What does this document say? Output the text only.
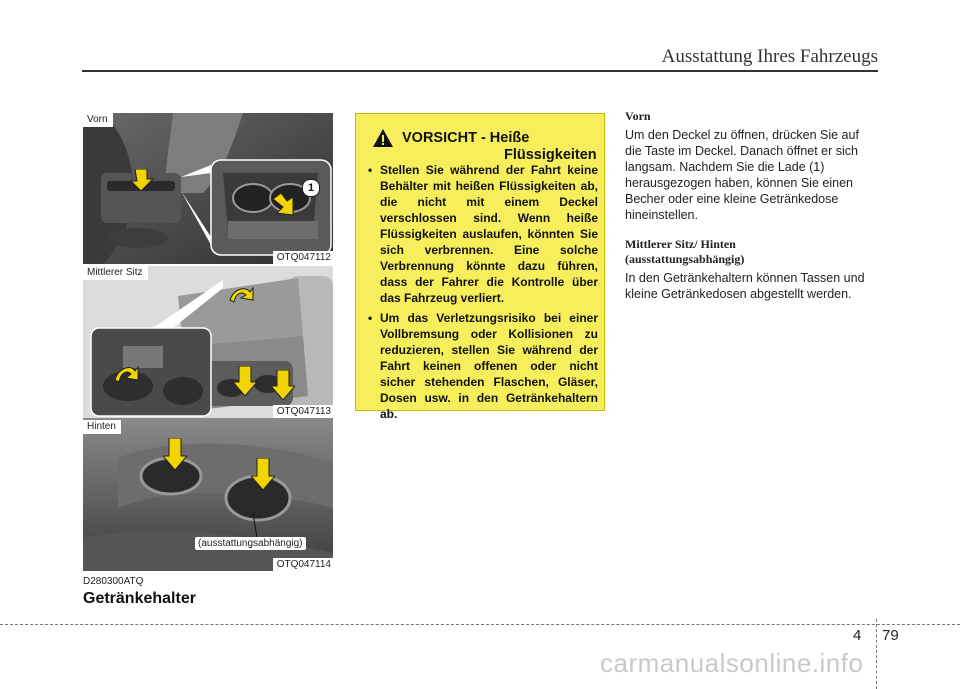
Ausstattung Ihres Fahrzeugs
1
Vorn
OTQ047112
Mittlerer Sitz
OTQ047113
Hinten
(ausstattungsabhängig)
OTQ047114
D280300ATQ
Getränkehalter
VORSICHT - Heiße
Flüssigkeiten
• Stellen Sie während der Fahrt keine Behälter mit heißen Flüssigkeiten ab, die nicht mit einem Deckel verschlossen sind. Wenn heiße Flüssigkeiten auslaufen, könnten Sie sich verbrennen. Eine solche Verbrennung könnte dazu führen, dass der Fahrer die Kontrolle über das Fahrzeug verliert.
• Um das Verletzungsrisiko bei einer Vollbremsung oder Kollisionen zu reduzieren, stellen Sie während der Fahrt keinen offenen oder nicht sicher stehenden Flaschen, Gläser, Dosen usw. in den Getränkehaltern ab.
Vorn

Um den Deckel zu öffnen, drücken Sie auf die Taste im Deckel. Danach öffnet er sich langsam. Nachdem Sie die Lade (1) herausgezogen haben, können Sie einen Becher oder eine kleine Getränkedose hineinstellen.

Mittlerer Sitz/ Hinten
(ausstattungsabhängig)

In den Getränkehaltern können Tassen und kleine Getränkedosen abgestellt werden.

4 79
carmanualsonline.info
